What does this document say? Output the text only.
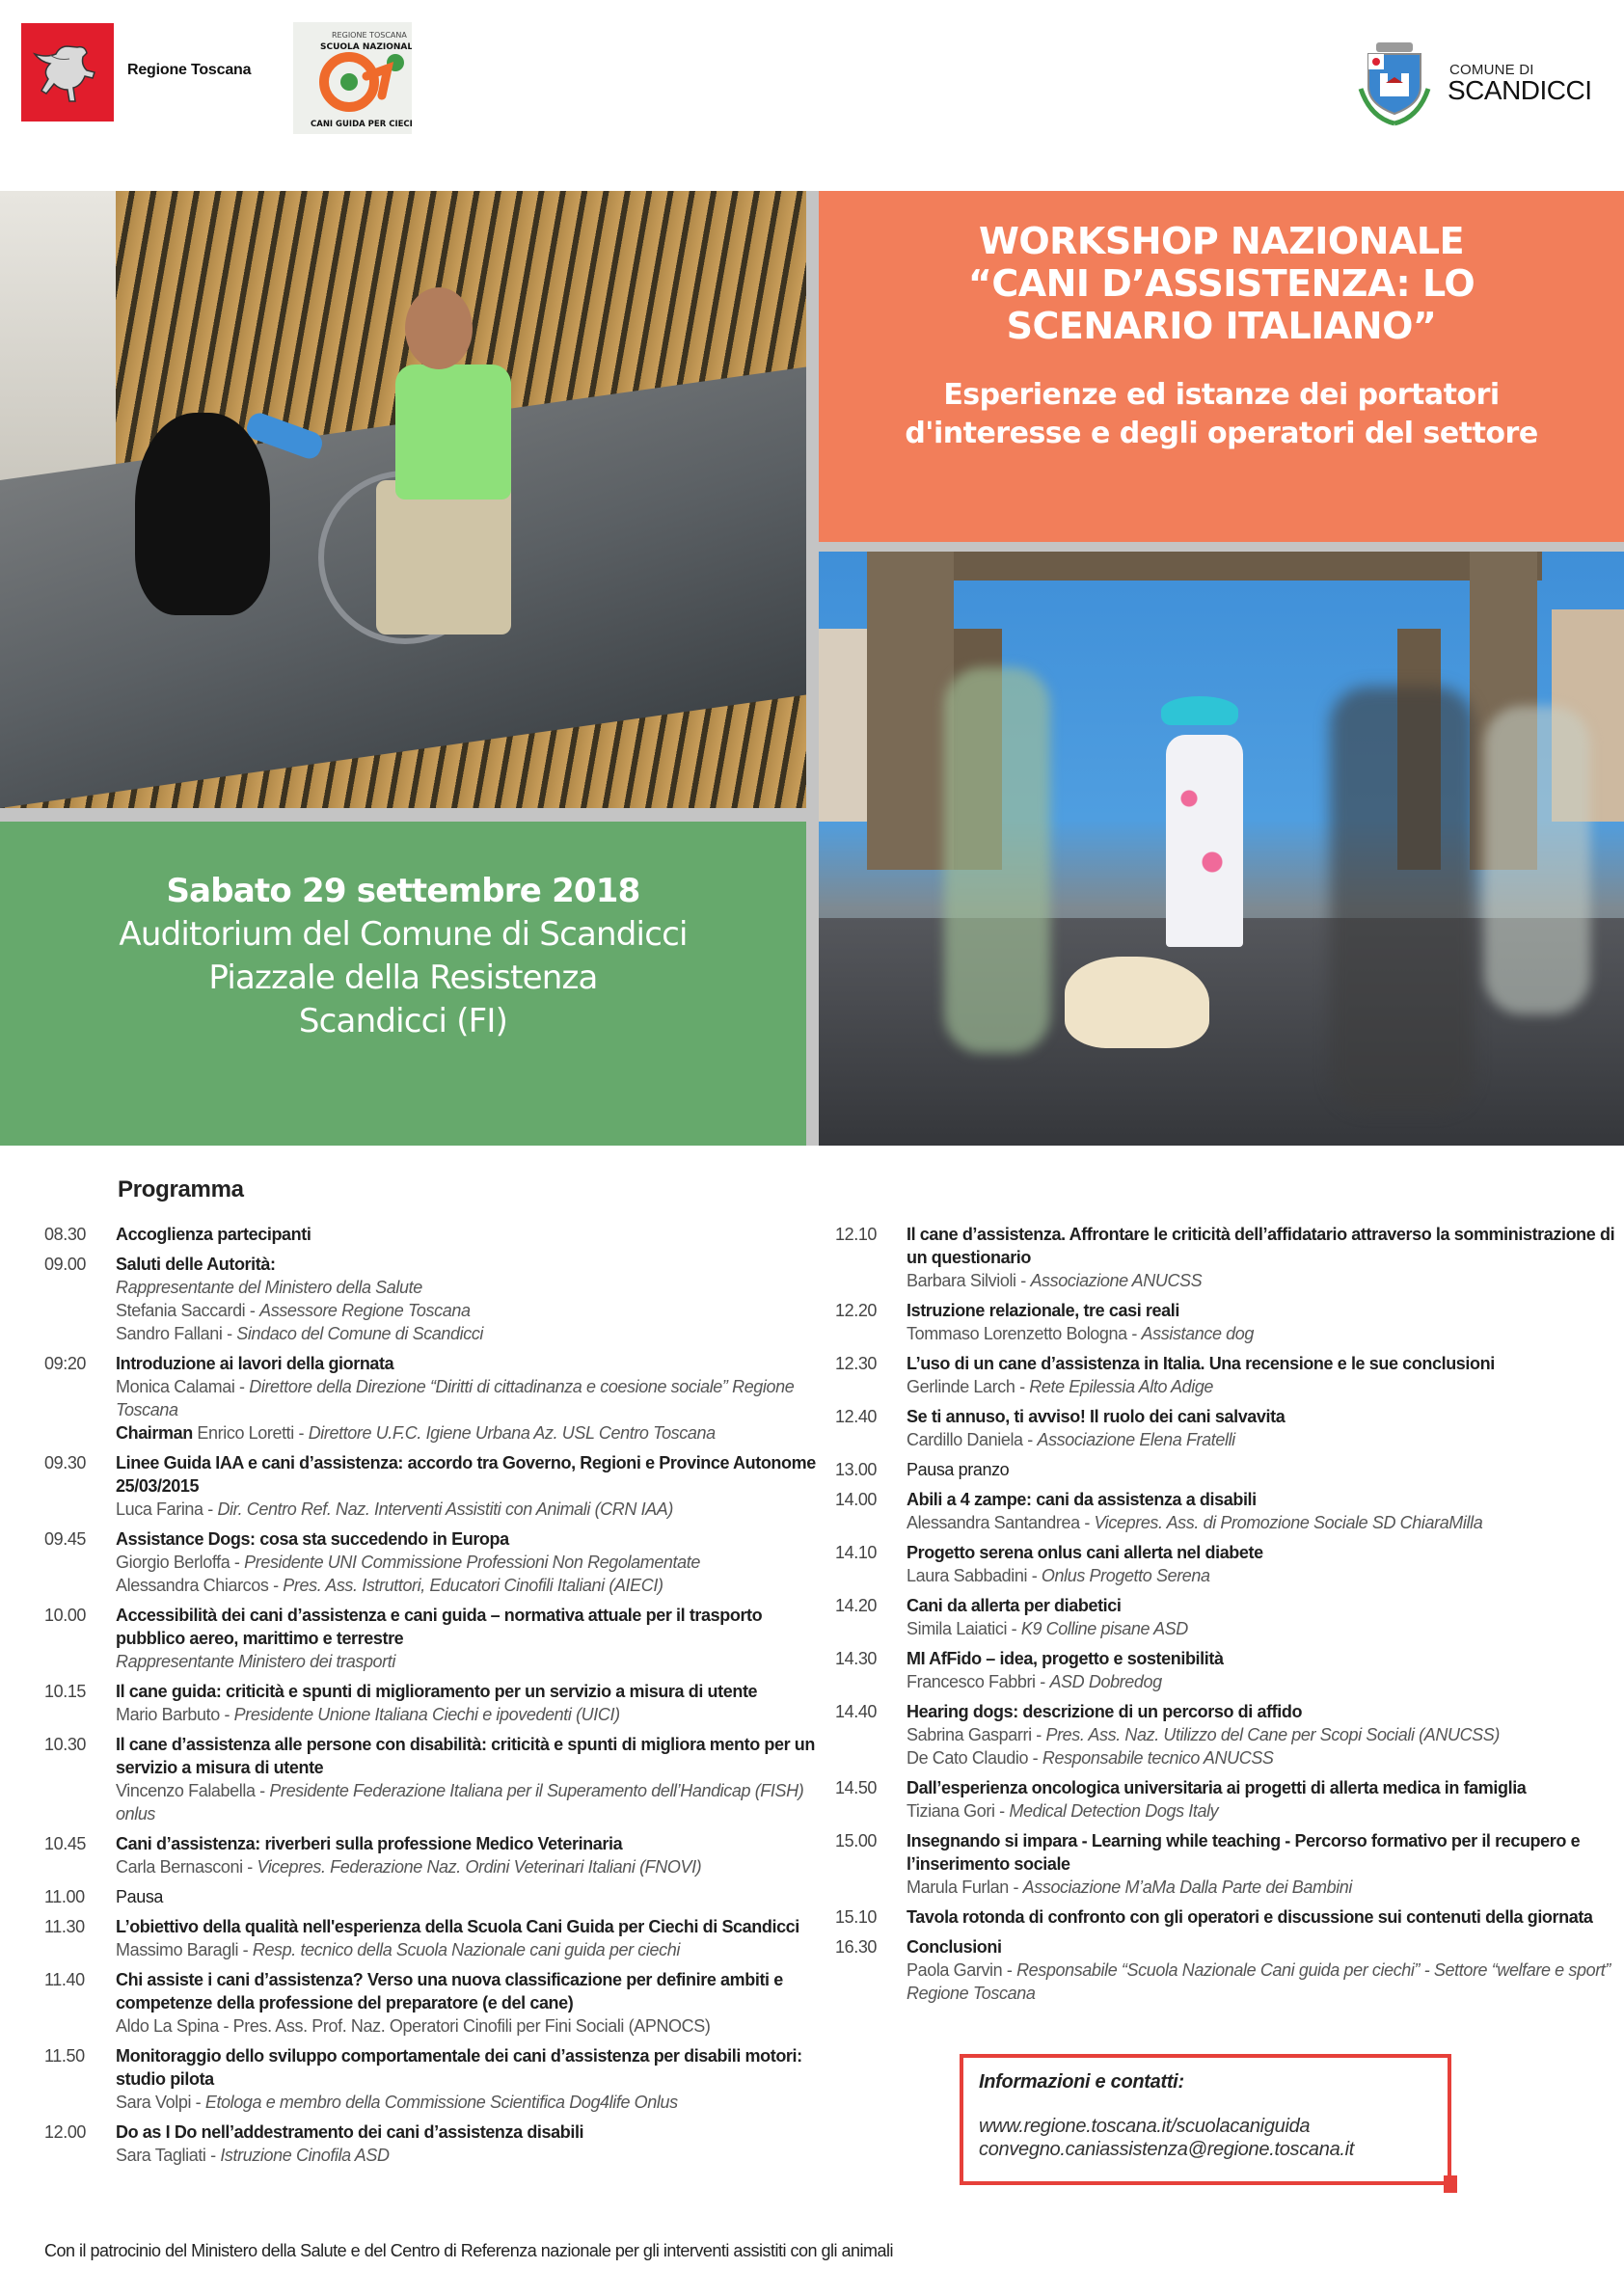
Regione Toscana
REGIONE TOSCANA
SCUOLA NAZIONALE
CANI GUIDA PER CIECHI
COMUNE DI
SCANDICCI
WORKSHOP NAZIONALE
“CANI D’ASSISTENZA: LO
SCENARIO ITALIANO”
Esperienze ed istanze dei portatori
d'interesse e degli operatori del settore
Sabato 29 settembre 2018
Auditorium del Comune di Scandicci
Piazzale della Resistenza
Scandicci (FI)
Programma
08.30	Accoglienza partecipanti
09.00	Saluti delle Autorità:
Rappresentante del Ministero della Salute
Stefania Saccardi - Assessore Regione Toscana
Sandro Fallani - Sindaco del Comune di Scandicci
09:20	Introduzione ai lavori della giornata
Monica Calamai - Direttore della Direzione “Diritti di cittadinanza e coesione sociale” Regione Toscana
Chairman Enrico Loretti - Direttore U.F.C. Igiene Urbana Az. USL Centro Toscana
09.30	Linee Guida IAA e cani d’assistenza: accordo tra Governo, Regioni e Province Autonome 25/03/2015
Luca Farina - Dir. Centro Ref. Naz. Interventi Assistiti con Animali (CRN IAA)
09.45	Assistance Dogs: cosa sta succedendo in Europa
Giorgio Berloffa - Presidente UNI Commissione Professioni Non Regolamentate
Alessandra Chiarcos - Pres. Ass. Istruttori, Educatori Cinofili Italiani (AIECI)
10.00	Accessibilità dei cani d’assistenza e cani guida – normativa attuale per il trasporto pubblico aereo, marittimo e terrestre
Rappresentante Ministero dei trasporti
10.15	Il cane guida: criticità e spunti di miglioramento per un servizio a misura di utente
Mario Barbuto - Presidente Unione Italiana Ciechi e ipovedenti (UICI)
10.30	Il cane d’assistenza alle persone con disabilità: criticità e spunti di migliora mento per un servizio a misura di utente
Vincenzo Falabella - Presidente Federazione Italiana per il Superamento dell’Handicap (FISH) onlus
10.45	Cani d’assistenza: riverberi sulla professione Medico Veterinaria
Carla Bernasconi - Vicepres. Federazione Naz. Ordini Veterinari Italiani (FNOVI)
11.00	Pausa
11.30	L’obiettivo della qualità nell'esperienza della Scuola Cani Guida per Ciechi di Scandicci
Massimo Baragli - Resp. tecnico della Scuola Nazionale cani guida per ciechi
11.40	Chi assiste i cani d’assistenza? Verso una nuova classificazione per definire ambiti e competenze della professione del preparatore (e del cane)
Aldo La Spina - Pres. Ass. Prof. Naz. Operatori Cinofili per Fini Sociali (APNOCS)
11.50	Monitoraggio dello sviluppo comportamentale dei cani d’assistenza per disabili motori: studio pilota
Sara Volpi - Etologa e membro della Commissione Scientifica Dog4life Onlus
12.00	Do as I Do nell’addestramento dei cani d’assistenza disabili
Sara Tagliati - Istruzione Cinofila ASD
12.10	Il cane d’assistenza. Affrontare le criticità dell’affidatario attraverso la somministrazione di un questionario
Barbara Silvioli - Associazione ANUCSS
12.20	Istruzione relazionale, tre casi reali
Tommaso Lorenzetto Bologna - Assistance dog
12.30	L’uso di un cane d’assistenza in Italia. Una recensione e le sue conclusioni
Gerlinde Larch - Rete Epilessia Alto Adige
12.40	Se ti annuso, ti avviso! Il ruolo dei cani salvavita
Cardillo Daniela - Associazione Elena Fratelli
13.00	Pausa pranzo
14.00	Abili a 4 zampe: cani da assistenza a disabili
Alessandra Santandrea - Vicepres. Ass. di Promozione Sociale SD ChiaraMilla
14.10	Progetto serena onlus cani allerta nel diabete
Laura Sabbadini - Onlus Progetto Serena
14.20	Cani da allerta per diabetici
Simila Laiatici - K9 Colline pisane ASD
14.30	MI AfFido – idea, progetto e sostenibilità
Francesco Fabbri - ASD Dobredog
14.40	Hearing dogs: descrizione di un percorso di affido
Sabrina Gasparri - Pres. Ass. Naz. Utilizzo del Cane per Scopi Sociali (ANUCSS)
De Cato Claudio - Responsabile tecnico ANUCSS
14.50	Dall’esperienza oncologica universitaria ai progetti di allerta medica in famiglia
Tiziana Gori - Medical Detection Dogs Italy
15.00	Insegnando si impara - Learning while teaching - Percorso formativo per il recupero e l’inserimento sociale
Marula Furlan - Associazione M’aMa Dalla Parte dei Bambini
15.10	Tavola rotonda di confronto con gli operatori e discussione sui contenuti della giornata
16.30	Conclusioni
Paola Garvin - Responsabile “Scuola Nazionale Cani guida per ciechi” - Settore “welfare e sport” Regione Toscana
Informazioni e contatti:
www.regione.toscana.it/scuolacaniguida
convegno.caniassistenza@regione.toscana.it
Con il patrocinio del Ministero della Salute e del Centro di Referenza nazionale per gli interventi assistiti con gli animali
